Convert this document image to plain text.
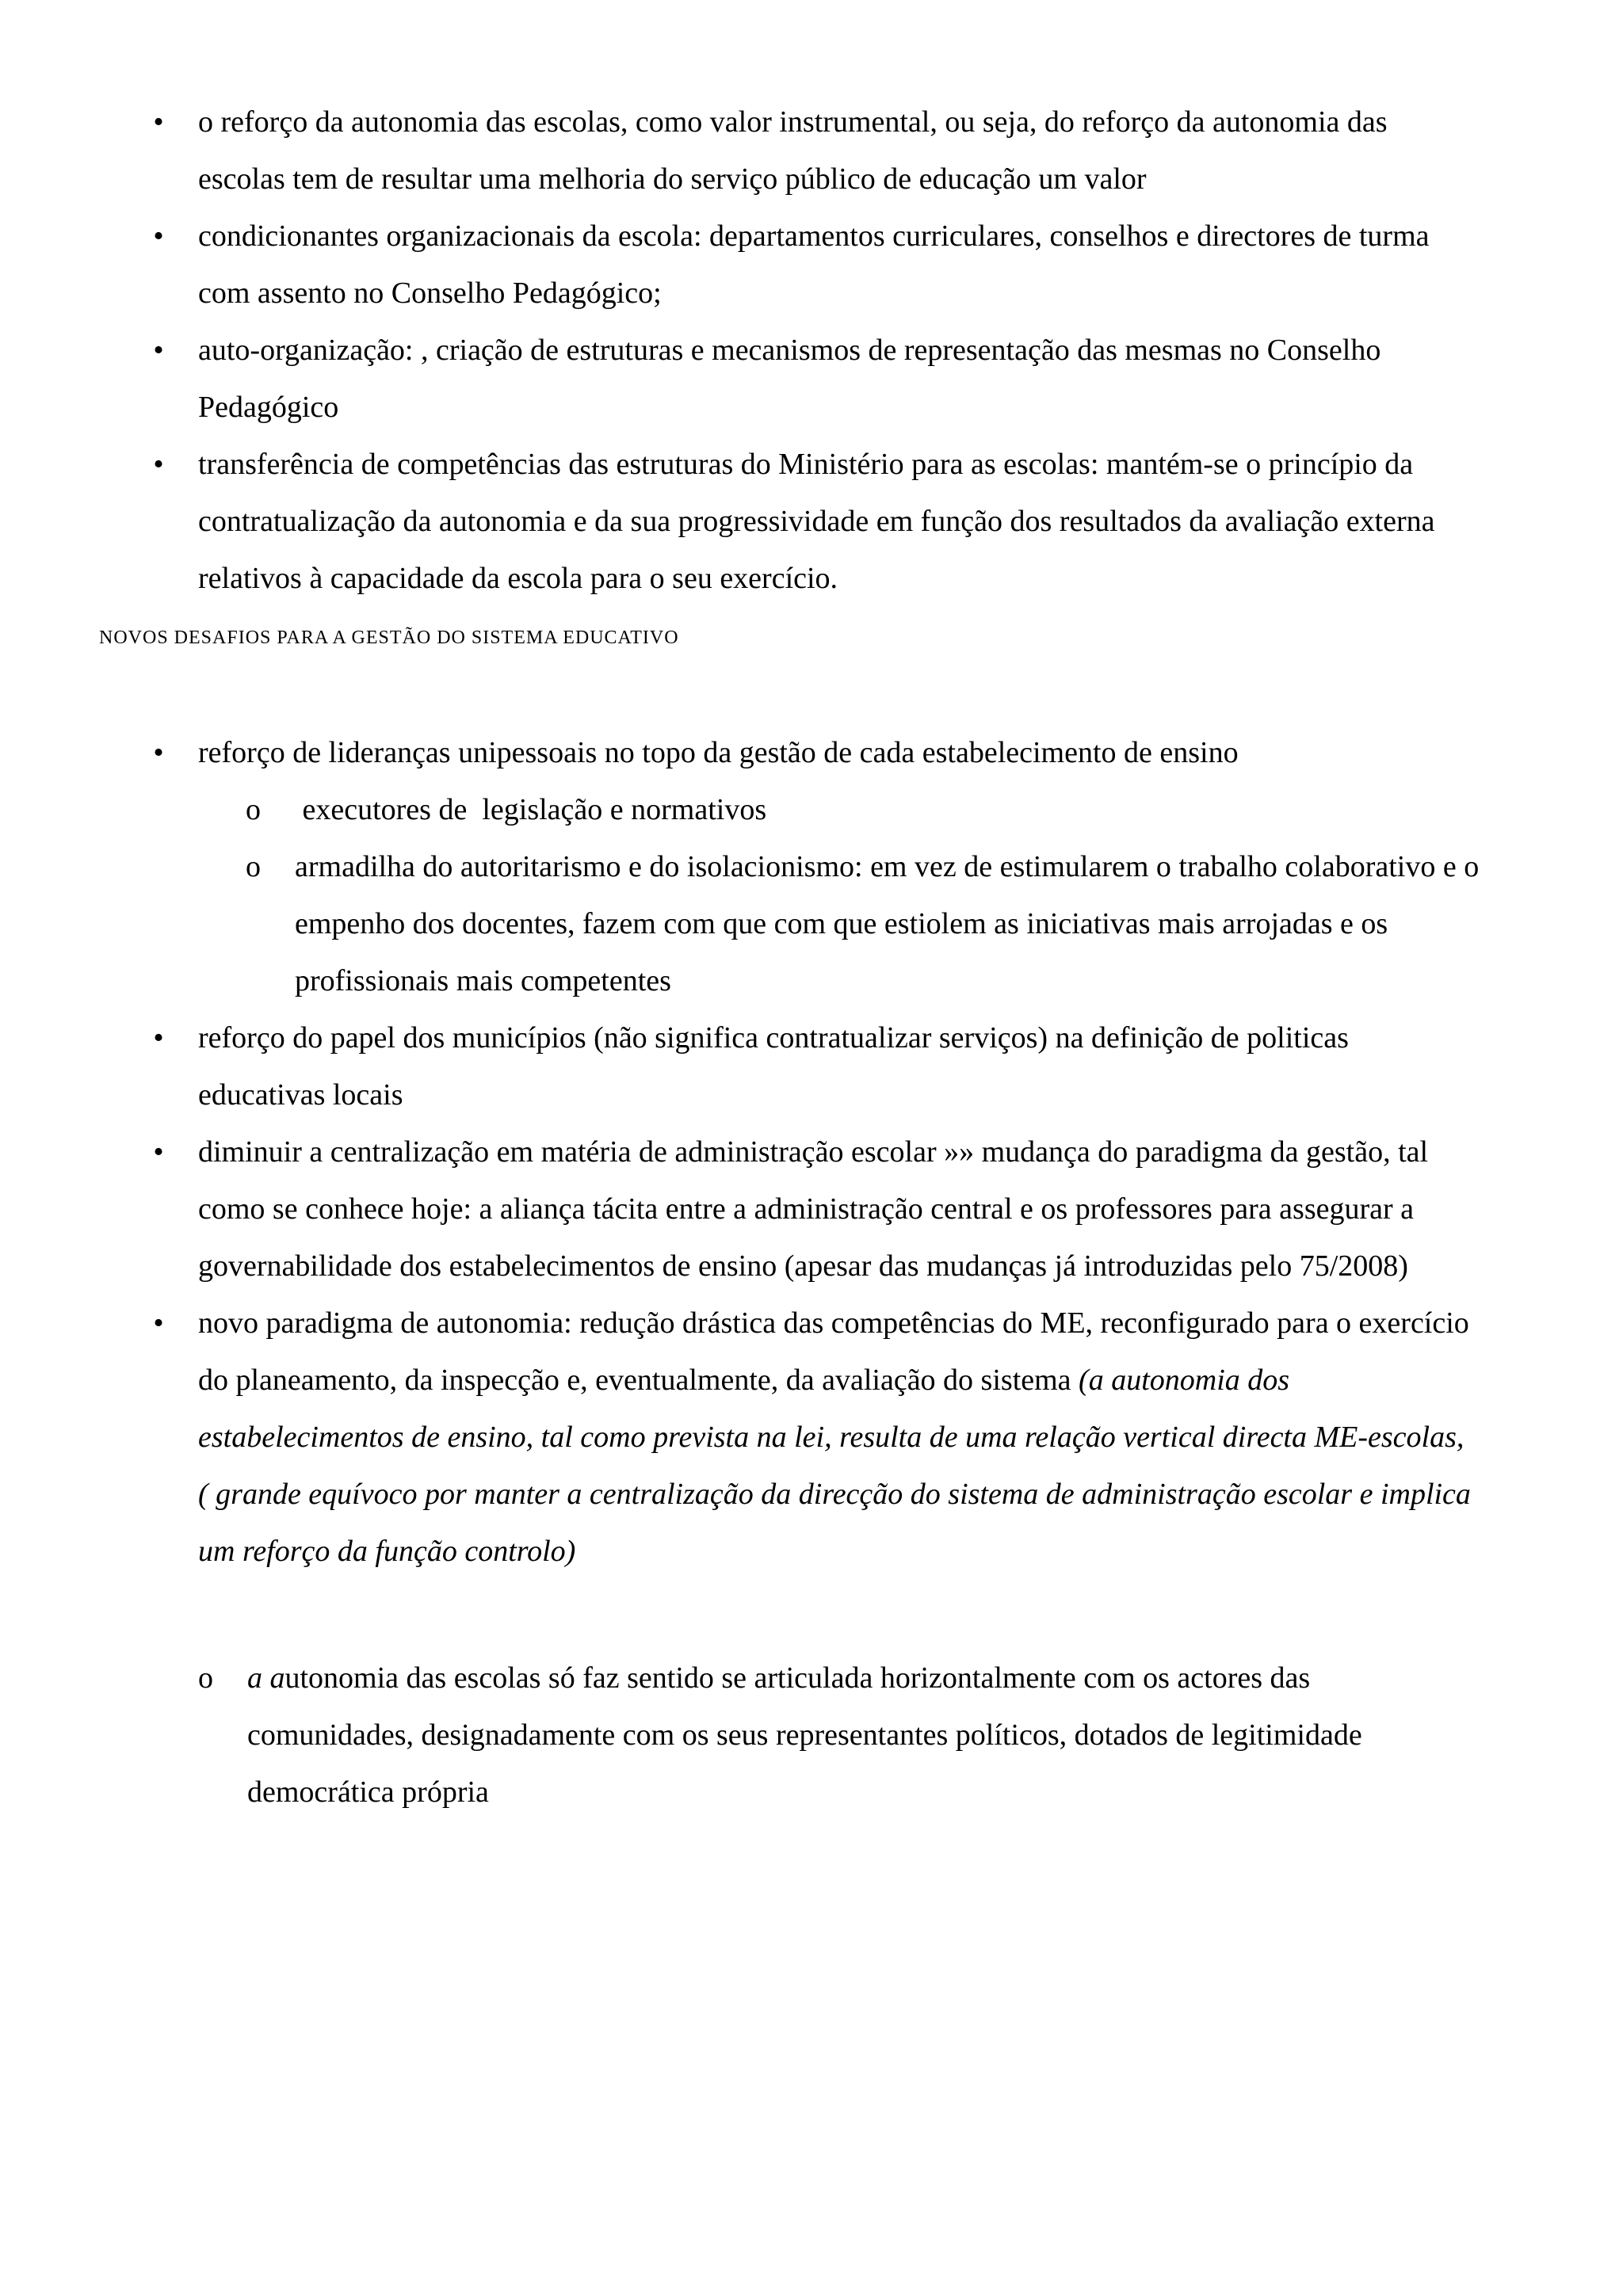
•	o reforço da autonomia das escolas, como valor instrumental, ou seja, do reforço da autonomia das escolas tem de resultar uma melhoria do serviço público de educação um valor
•	condicionantes organizacionais da escola: departamentos curriculares, conselhos e directores de turma com assento no Conselho Pedagógico;
•	auto-organização: , criação de estruturas e mecanismos de representação das mesmas no Conselho Pedagógico
•	transferência de competências das estruturas do Ministério para as escolas: mantém-se o princípio da contratualização da autonomia e da sua progressividade em função dos resultados da avaliação externa relativos à capacidade da escola para o seu exercício.
NOVOS DESAFIOS PARA A GESTÃO DO SISTEMA EDUCATIVO
•	reforço de lideranças unipessoais no topo da gestão de cada estabelecimento de ensino
o executores de  legislação e normativos
o armadilha do autoritarismo e do isolacionismo: em vez de estimularem o trabalho colaborativo e o empenho dos docentes, fazem com que com que estiolem as iniciativas mais arrojadas e os profissionais mais competentes
•	reforço do papel dos municípios (não significa contratualizar serviços) na definição de politicas educativas locais
•	diminuir a centralização em matéria de administração escolar »» mudança do paradigma da gestão, tal como se conhece hoje: a aliança tácita entre a administração central e os professores para assegurar a governabilidade dos estabelecimentos de ensino (apesar das mudanças já introduzidas pelo 75/2008)
•	novo paradigma de autonomia: redução drástica das competências do ME, reconfigurado para o exercício do planeamento, da inspecção e, eventualmente, da avaliação do sistema (a autonomia dos estabelecimentos de ensino, tal como prevista na lei, resulta de uma relação vertical directa ME-escolas, ( grande equívoco por manter a centralização da direcção do sistema de administração escolar e implica um reforço da função controlo)
o a autonomia das escolas só faz sentido se articulada horizontalmente com os actores das comunidades, designadamente com os seus representantes políticos, dotados de legitimidade democrática própria
